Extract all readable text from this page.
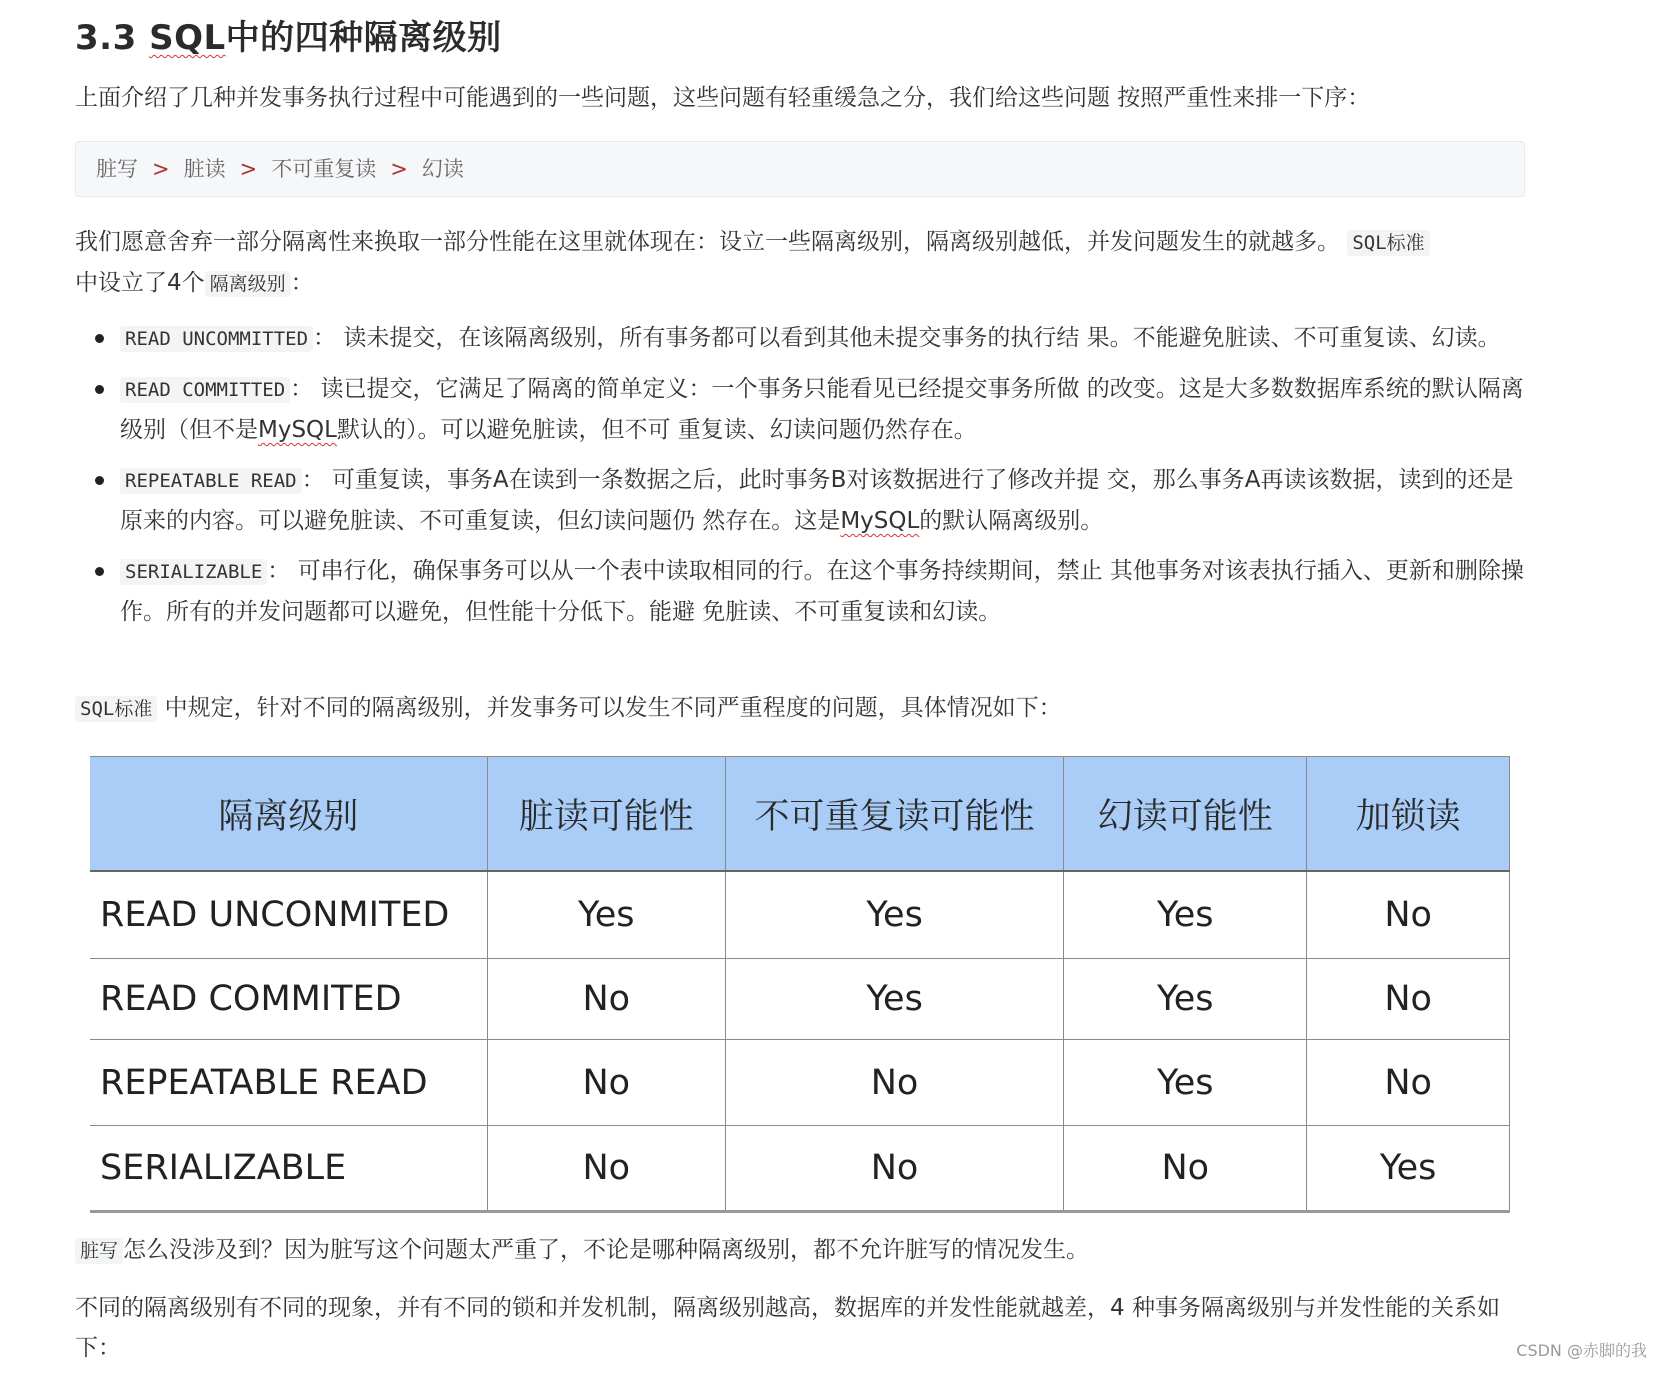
3.3 SQL中的四种隔离级别
上面介绍了几种并发事务执行过程中可能遇到的一些问题，这些问题有轻重缓急之分，我们给这些问题 按照严重性来排一下序：
脏写 > 脏读 > 不可重复读 > 幻读
我们愿意舍弃一部分隔离性来换取一部分性能在这里就体现在：设立一些隔离级别，隔离级别越低，并发问题发生的就越多。 SQL标准
中设立了4个 隔离级别 ：
READ UNCOMMITTED ： 读未提交，在该隔离级别，所有事务都可以看到其他未提交事务的执行结 果。不能避免脏读、不可重复读、幻读。
READ COMMITTED ： 读已提交，它满足了隔离的简单定义：一个事务只能看见已经提交事务所做 的改变。这是大多数数据库系统的默认隔离级别（但不是MySQL默认的）。可以避免脏读，但不可 重复读、幻读问题仍然存在。
REPEATABLE READ ： 可重复读，事务A在读到一条数据之后，此时事务B对该数据进行了修改并提 交，那么事务A再读该数据，读到的还是原来的内容。可以避免脏读、不可重复读，但幻读问题仍 然存在。这是MySQL的默认隔离级别。
SERIALIZABLE ： 可串行化，确保事务可以从一个表中读取相同的行。在这个事务持续期间，禁止 其他事务对该表执行插入、更新和删除操作。所有的并发问题都可以避免，但性能十分低下。能避 免脏读、不可重复读和幻读。
SQL标准 中规定，针对不同的隔离级别，并发事务可以发生不同严重程度的问题，具体情况如下：
隔离级别	脏读可能性	不可重复读可能性	幻读可能性	加锁读
READ UNCONMITED	Yes	Yes	Yes	No
READ COMMITED	No	Yes	Yes	No
REPEATABLE READ	No	No	Yes	No
SERIALIZABLE	No	No	No	Yes
脏写 怎么没涉及到？因为脏写这个问题太严重了，不论是哪种隔离级别，都不允许脏写的情况发生。
不同的隔离级别有不同的现象，并有不同的锁和并发机制，隔离级别越高，数据库的并发性能就越差，4 种事务隔离级别与并发性能的关系如下：	CSDN @赤脚的我
